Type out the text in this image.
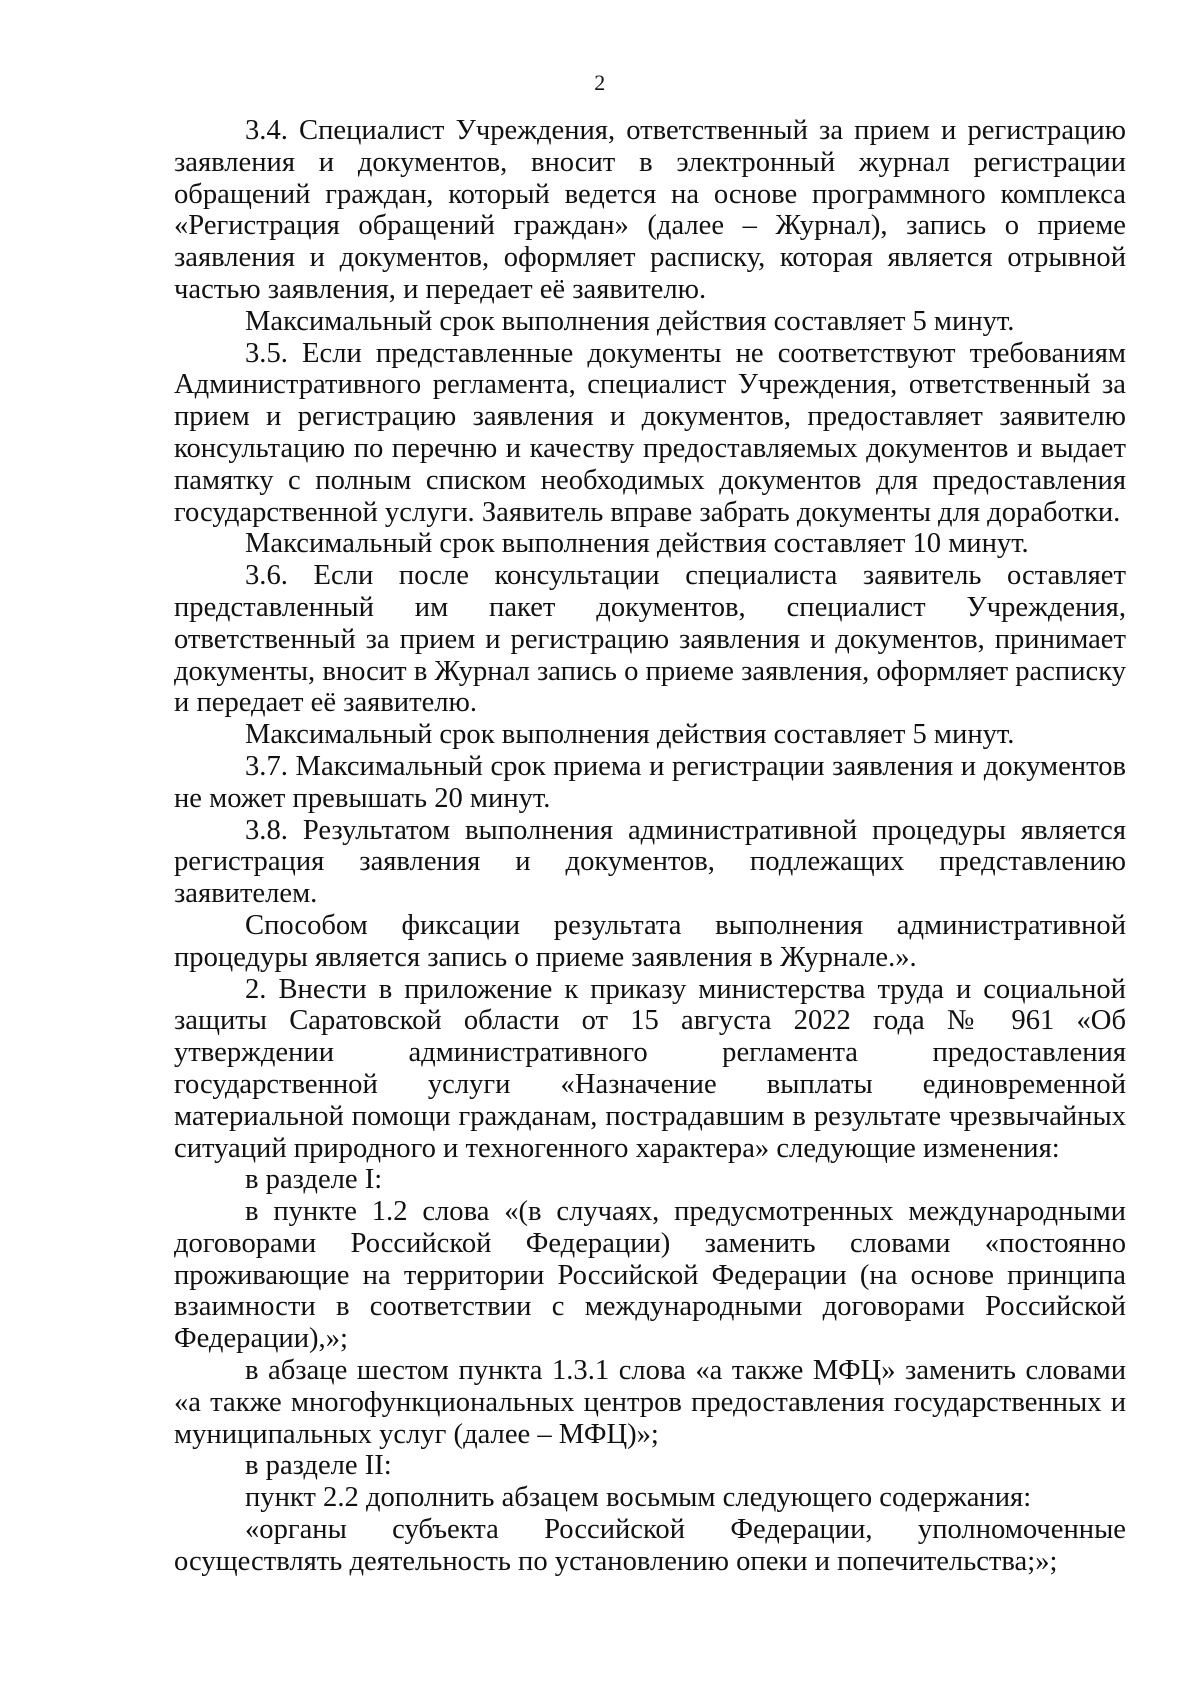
2

3.4. Специалист Учреждения, ответственный за прием и регистрацию заявления и документов, вносит в электронный журнал регистрации обращений граждан, который ведется на основе программного комплекса «Регистрация обращений граждан» (далее – Журнал), запись о приеме заявления и документов, оформляет расписку, которая является отрывной частью заявления, и передает её заявителю.

Максимальный срок выполнения действия составляет 5 минут.

3.5. Если представленные документы не соответствуют требованиям Административного регламента, специалист Учреждения, ответственный за прием и регистрацию заявления и документов, предоставляет заявителю консультацию по перечню и качеству предоставляемых документов и выдает памятку с полным списком необходимых документов для предоставления государственной услуги. Заявитель вправе забрать документы для доработки.

Максимальный срок выполнения действия составляет 10 минут.

3.6. Если после консультации специалиста заявитель оставляет представленный им пакет документов, специалист Учреждения, ответственный за прием и регистрацию заявления и документов, принимает документы, вносит в Журнал запись о приеме заявления, оформляет расписку и передает её заявителю.

Максимальный срок выполнения действия составляет 5 минут.

3.7. Максимальный срок приема и регистрации заявления и документов не может превышать 20 минут.

3.8. Результатом выполнения административной процедуры является регистрация заявления и документов, подлежащих представлению заявителем.

Способом фиксации результата выполнения административной процедуры является запись о приеме заявления в Журнале.».

2. Внести в приложение к приказу министерства труда и социальной защиты Саратовской области от 15 августа 2022 года № 961 «Об утверждении административного регламента предоставления государственной услуги «Назначение выплаты единовременной материальной помощи гражданам, пострадавшим в результате чрезвычайных ситуаций природного и техногенного характера» следующие изменения:

в разделе I:

в пункте 1.2 слова «(в случаях, предусмотренных международными договорами Российской Федерации) заменить словами «постоянно проживающие на территории Российской Федерации (на основе принципа взаимности в соответствии с международными договорами Российской Федерации),»;

в абзаце шестом пункта 1.3.1 слова «а также МФЦ» заменить словами «а также многофункциональных центров предоставления государственных и муниципальных услуг (далее – МФЦ)»;

в разделе II:

пункт 2.2 дополнить абзацем восьмым следующего содержания:

«органы субъекта Российской Федерации, уполномоченные осуществлять деятельность по установлению опеки и попечительства;»;
